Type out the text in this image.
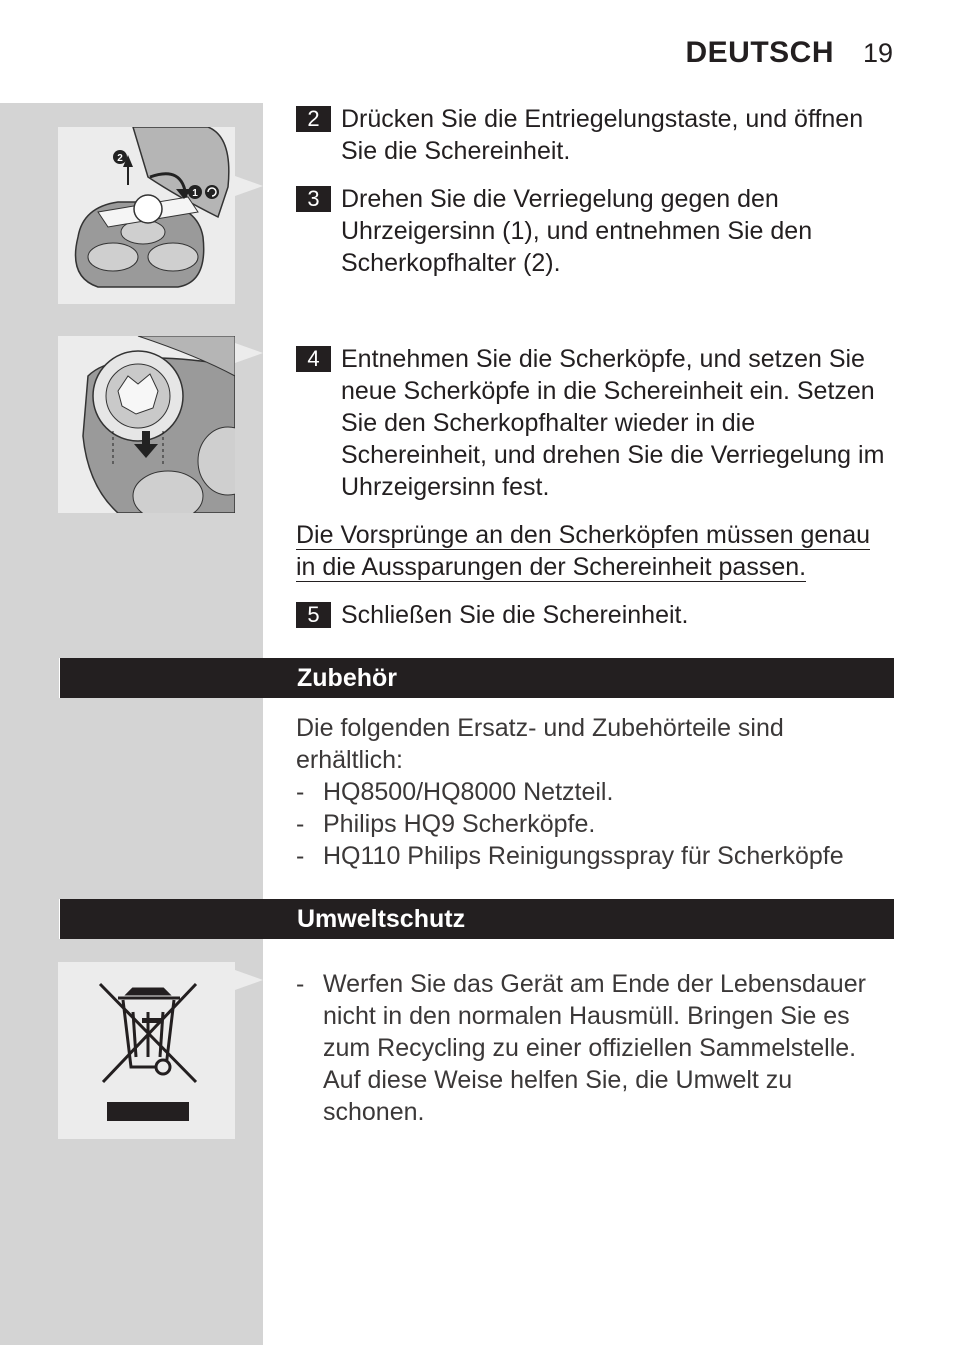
DEUTSCH 19
2
1
2 Drücken Sie die Entriegelungstaste, und öffnen Sie die Schereinheit.
3 Drehen Sie die Verriegelung gegen den Uhrzeigersinn (1), und entnehmen Sie den Scherkopfhalter (2).
4 Entnehmen Sie die Scherköpfe, und setzen Sie neue Scherköpfe in die Schereinheit ein. Setzen Sie den Scherkopfhalter wieder in die Schereinheit, und drehen Sie die Verriegelung im Uhrzeigersinn fest.
Die Vorsprünge an den Scherköpfen müssen genau in die Aussparungen der Schereinheit passen.
5 Schließen Sie die Schereinheit.
Zubehör
Die folgenden Ersatz- und Zubehörteile sind erhältlich:
- HQ8500/HQ8000 Netzteil.
- Philips HQ9 Scherköpfe.
- HQ110 Philips Reinigungsspray für Scherköpfe
Umweltschutz
- Werfen Sie das Gerät am Ende der Lebensdauer nicht in den normalen Hausmüll. Bringen Sie es zum Recycling zu einer offiziellen Sammelstelle. Auf diese Weise helfen Sie, die Umwelt zu schonen.
